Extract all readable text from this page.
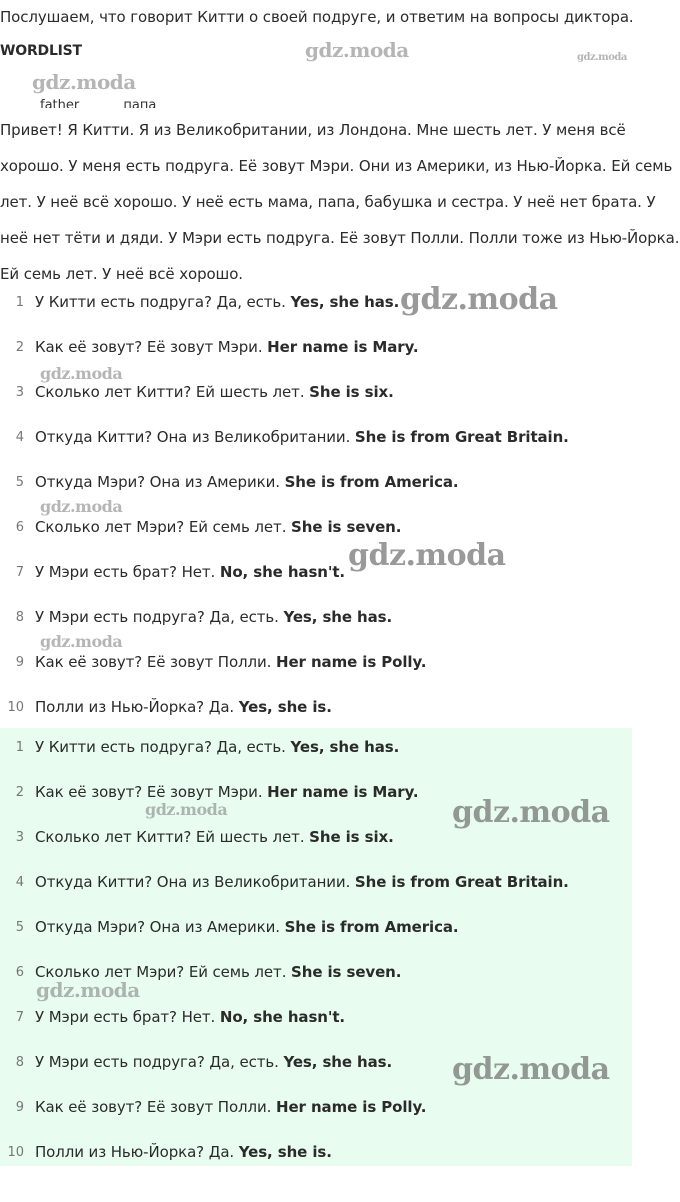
Послушаем, что говорит Китти о своей подруге, и ответим на вопросы диктора.
WORDLIST
father	папа
Привет! Я Китти. Я из Великобритании, из Лондона. Мне шесть лет. У меня всё хорошо. У меня есть подруга. Её зовут Мэри. Они из Америки, из Нью-Йорка. Ей семь лет. У неё всё хорошо. У неё есть мама, папа, бабушка и сестра. У неё нет брата. У неё нет тёти и дяди. У Мэри есть подруга. Её зовут Полли. Полли тоже из Нью-Йорка. Ей семь лет. У неё всё хорошо.
1 У Китти есть подруга? Да, есть. Yes, she has.
2 Как её зовут? Её зовут Мэри. Her name is Mary.
3 Сколько лет Китти? Ей шесть лет. She is six.
4 Откуда Китти? Она из Великобритании. She is from Great Britain.
5 Откуда Мэри? Она из Америки. She is from America.
6 Сколько лет Мэри? Ей семь лет. She is seven.
7 У Мэри есть брат? Нет. No, she hasn't.
8 У Мэри есть подруга? Да, есть. Yes, she has.
9 Как её зовут? Её зовут Полли. Her name is Polly.
10 Полли из Нью-Йорка? Да. Yes, she is.
1 У Китти есть подруга? Да, есть. Yes, she has.
2 Как её зовут? Её зовут Мэри. Her name is Mary.
3 Сколько лет Китти? Ей шесть лет. She is six.
4 Откуда Китти? Она из Великобритании. She is from Great Britain.
5 Откуда Мэри? Она из Америки. She is from America.
6 Сколько лет Мэри? Ей семь лет. She is seven.
7 У Мэри есть брат? Нет. No, she hasn't.
8 У Мэри есть подруга? Да, есть. Yes, she has.
9 Как её зовут? Её зовут Полли. Her name is Polly.
10 Полли из Нью-Йорка? Да. Yes, she is.
gdz.moda	gdz.moda
gdz.moda
gdz.moda
gdz.moda
gdz.moda
gdz.moda
gdz.moda
gdz.moda
gdz.moda
gdz.moda
gdz.moda
